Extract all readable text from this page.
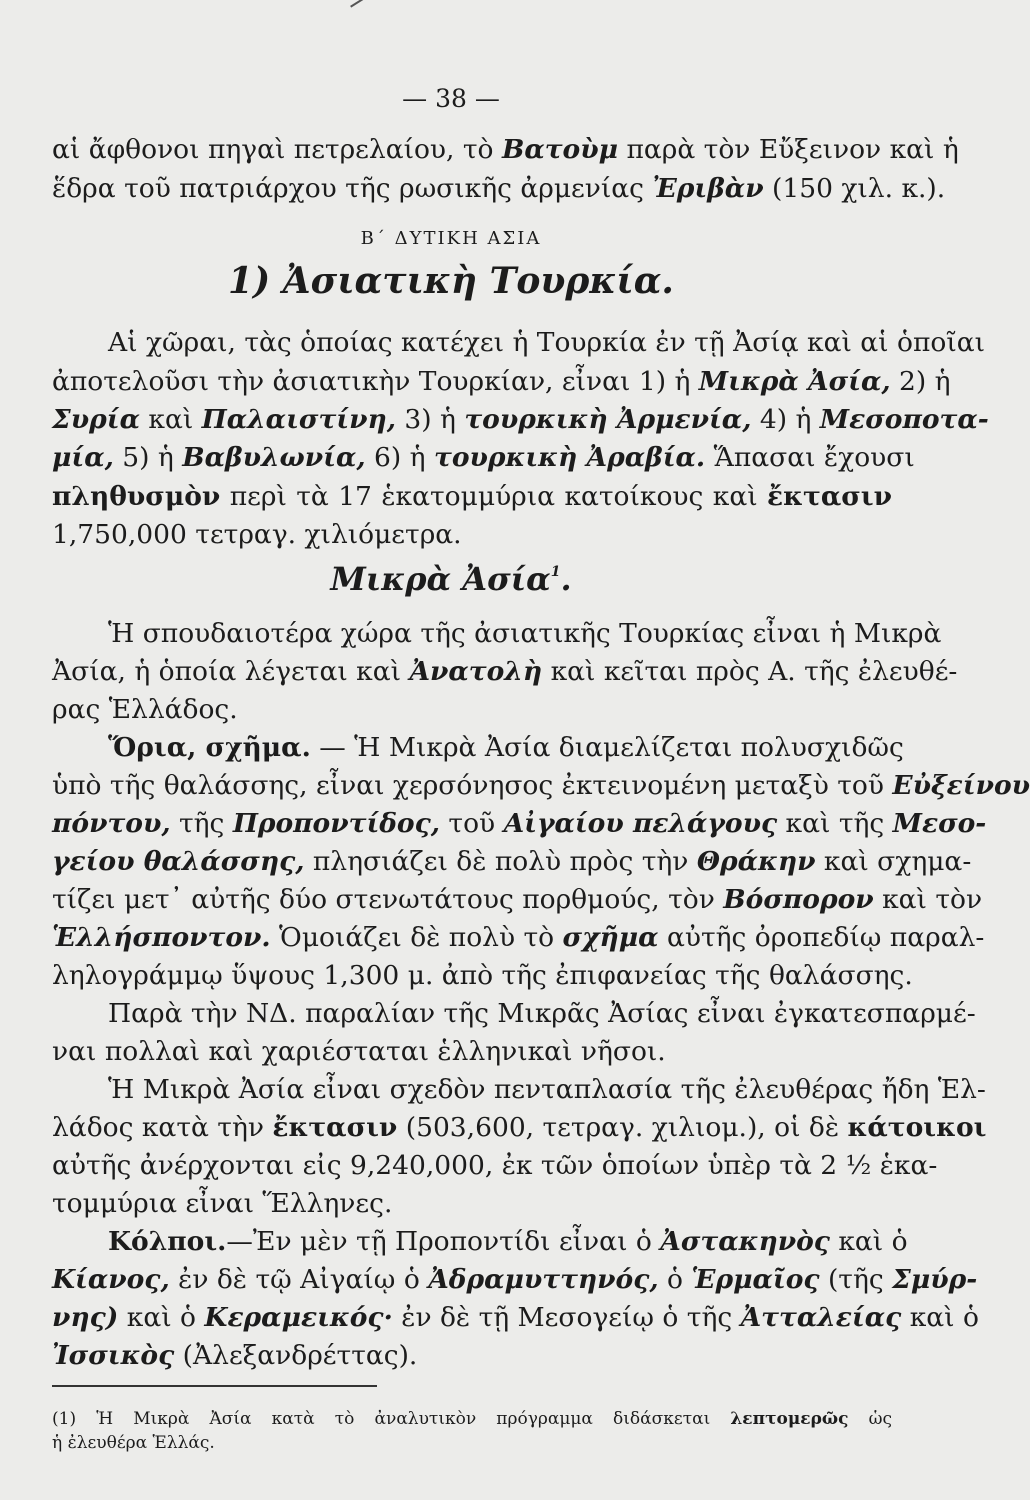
— 38 —
αἱ ἄφθονοι πηγαὶ πετρελαίου, τὸ Βατοὺμ παρὰ τὸν Εὔξεινον καὶ ἡ
ἕδρα τοῦ πατριάρχου τῆς ρωσικῆς ἀρμενίας Ἐριβὰν (150 χιλ. κ.).
Β΄ ΔΥΤΙΚΗ ΑΣΙΑ
1) Ἀσιατικὴ Τουρκία.
Αἱ χῶραι, τὰς ὁποίας κατέχει ἡ Τουρκία ἐν τῇ Ἀσίᾳ καὶ αἱ ὁποῖαι
ἀποτελοῦσι τὴν ἀσιατικὴν Τουρκίαν, εἶναι 1) ἡ Μικρὰ Ἀσία, 2) ἡ
Συρία καὶ Παλαιστίνη, 3) ἡ τουρκικὴ Ἀρμενία, 4) ἡ Μεσοποτα-
μία, 5) ἡ Βαβυλωνία, 6) ἡ τουρκικὴ Ἀραβία. Ἅπασαι ἔχουσι
πληθυσμὸν περὶ τὰ 17 ἑκατομμύρια κατοίκους καὶ ἔκτασιν
1,750,000 τετραγ. χιλιόμετρα.
Μικρὰ Ἀσία$^1$.
Ἡ σπουδαιοτέρα χώρα τῆς ἀσιατικῆς Τουρκίας εἶναι ἡ Μικρὰ
Ἀσία, ἡ ὁποία λέγεται καὶ Ἀνατολὴ καὶ κεῖται πρὸς Α. τῆς ἐλευθέ-
ρας Ἑλλάδος.
Ὅρια, σχῆμα. — Ἡ Μικρὰ Ἀσία διαμελίζεται πολυσχιδῶς
ὑπὸ τῆς θαλάσσης, εἶναι χερσόνησος ἐκτεινομένη μεταξὺ τοῦ Εὐξείνου
πόντου, τῆς Προποντίδος, τοῦ Αἰγαίου πελάγους καὶ τῆς Μεσο-
γείου θαλάσσης, πλησιάζει δὲ πολὺ πρὸς τὴν Θράκην καὶ σχημα-
τίζει μετ᾽ αὐτῆς δύο στενωτάτους πορθμούς, τὸν Βόσπορον καὶ τὸν
Ἑλλήσποντον. Ὁμοιάζει δὲ πολὺ τὸ σχῆμα αὐτῆς ὀροπεδίῳ παραλ-
ληλογράμμῳ ὕψους 1,300 μ. ἀπὸ τῆς ἐπιφανείας τῆς θαλάσσης.
Παρὰ τὴν ΝΔ. παραλίαν τῆς Μικρᾶς Ἀσίας εἶναι ἐγκατεσπαρμέ-
ναι πολλαὶ καὶ χαριέσταται ἑλληνικαὶ νῆσοι.
Ἡ Μικρὰ Ἀσία εἶναι σχεδὸν πενταπλασία τῆς ἐλευθέρας ἤδη Ἑλ-
λάδος κατὰ τὴν ἔκτασιν (503,600, τετραγ. χιλιομ.), οἱ δὲ κάτοικοι
αὐτῆς ἀνέρχονται εἰς 9,240,000, ἐκ τῶν ὁποίων ὑπὲρ τὰ 2 ½ ἑκα-
τομμύρια εἶναι Ἕλληνες.
Κόλποι.—Ἐν μὲν τῇ Προποντίδι εἶναι ὁ Ἀστακηνὸς καὶ ὁ
Κίανος, ἐν δὲ τῷ Αἰγαίῳ ὁ Ἀδραμυττηνός, ὁ Ἑρμαῖος (τῆς Σμύρ-
νης) καὶ ὁ Κεραμεικός· ἐν δὲ τῇ Μεσογείῳ ὁ τῆς Ἀτταλείας καὶ ὁ
Ἰσσικὸς (Ἀλεξανδρέττας).
(1) Ἡ Μικρὰ Ἀσία κατὰ τὸ ἀναλυτικὸν πρόγραμμα διδάσκεται λεπτομερῶς ὡς
ἡ ἐλευθέρα Ἑλλάς.
